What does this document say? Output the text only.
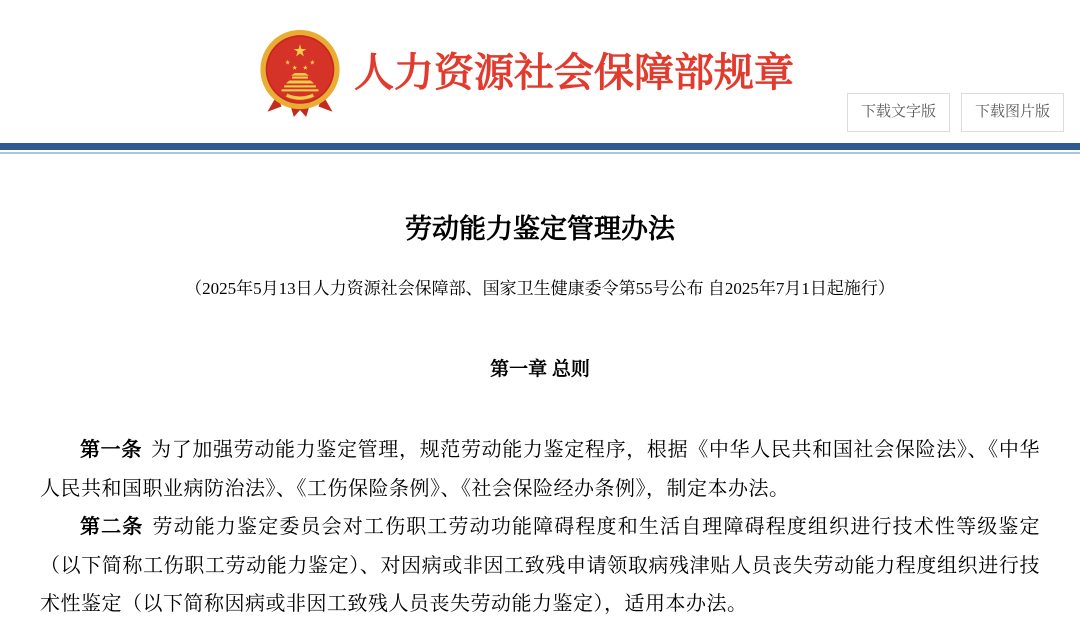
人力资源社会保障部规章
下载文字版	下载图片版
劳动能力鉴定管理办法

（2025年5月13日人力资源社会保障部、国家卫生健康委令第55号公布 自2025年7月1日起施行）

第一章 总则

第一条 为了加强劳动能力鉴定管理，规范劳动能力鉴定程序，根据《中华人民共和国社会保险法》、《中华人民共和国职业病防治法》、《工伤保险条例》、《社会保险经办条例》，制定本办法。

第二条 劳动能力鉴定委员会对工伤职工劳动功能障碍程度和生活自理障碍程度组织进行技术性等级鉴定（以下简称工伤职工劳动能力鉴定）、对因病或非因工致残申请领取病残津贴人员丧失劳动能力程度组织进行技术性鉴定（以下简称因病或非因工致残人员丧失劳动能力鉴定），适用本办法。
